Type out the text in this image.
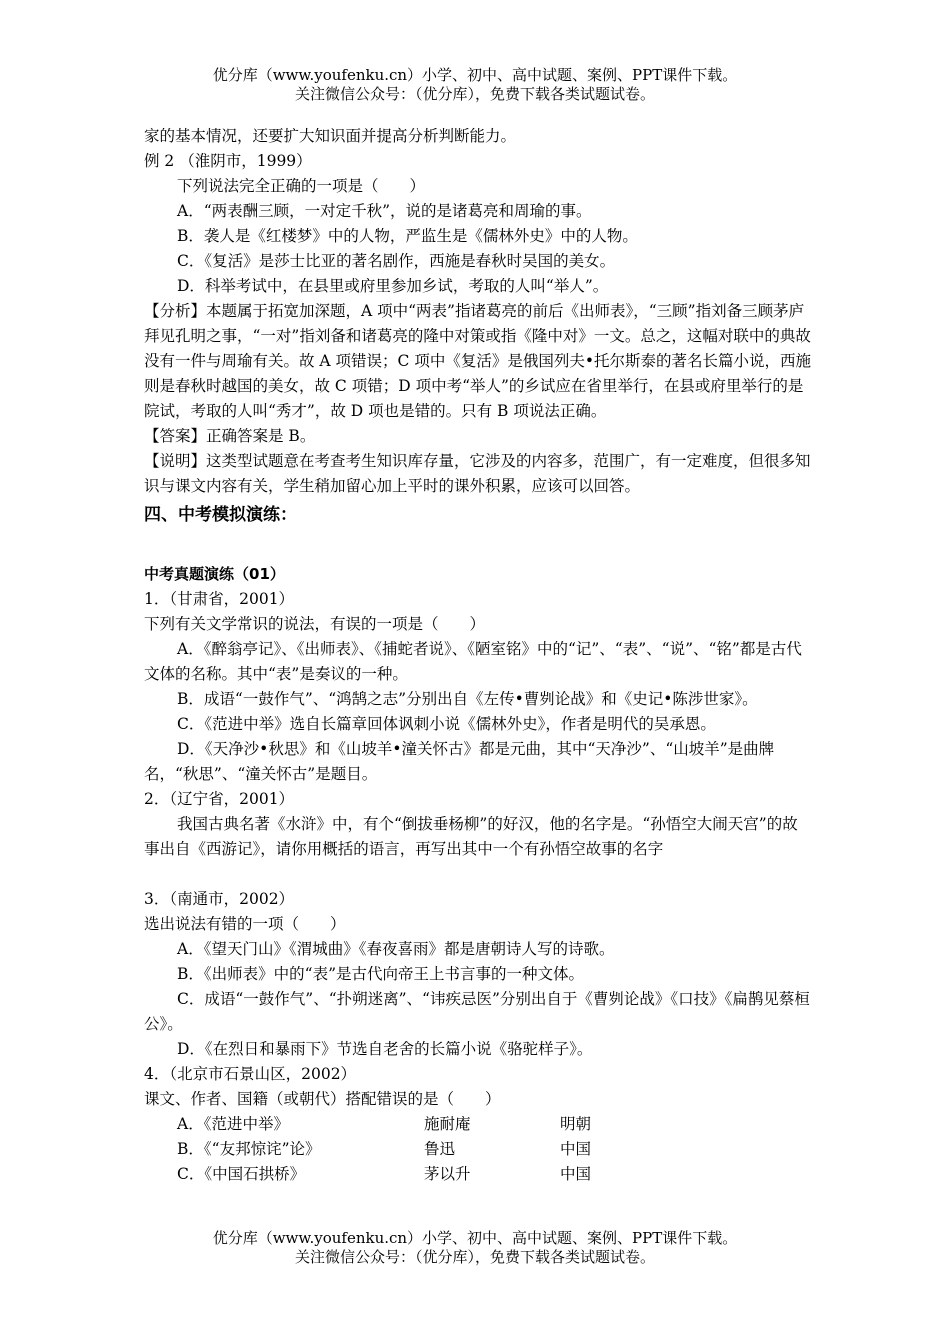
优分库（www.youfenku.cn）小学、初中、高中试题、案例、PPT课件下载。
关注微信公众号：（优分库），免费下载各类试题试卷。

家的基本情况，还要扩大知识面并提高分析判断能力。

例 2 （淮阴市，1999）

下列说法完全正确的一项是（　　）

A．“两表酬三顾，一对定千秋”，说的是诸葛亮和周瑜的事。

B．袭人是《红楼梦》中的人物，严监生是《儒林外史》中的人物。

C．《复活》是莎士比亚的著名剧作，西施是春秋时吴国的美女。

D．科举考试中，在县里或府里参加乡试，考取的人叫“举人”。

【分析】本题属于拓宽加深题，A 项中“两表”指诸葛亮的前后《出师表》，“三顾”指刘备三顾茅庐拜见孔明之事，“一对”指刘备和诸葛亮的隆中对策或指《隆中对》一文。总之，这幅对联中的典故没有一件与周瑜有关。故 A 项错误；C 项中《复活》是俄国列夫•托尔斯泰的著名长篇小说，西施则是春秋时越国的美女，故 C 项错；D 项中考“举人”的乡试应在省里举行，在县或府里举行的是院试，考取的人叫“秀才”，故 D 项也是错的。只有 B 项说法正确。

【答案】正确答案是 B。

【说明】这类型试题意在考查考生知识库存量，它涉及的内容多，范围广，有一定难度，但很多知识与课文内容有关，学生稍加留心加上平时的课外积累，应该可以回答。

四、中考模拟演练：

中考真题演练（01）

1．（甘肃省，2001）

下列有关文学常识的说法，有误的一项是（　　）

A．《醉翁亭记》、《出师表》、《捕蛇者说》、《陋室铭》中的“记”、“表”、“说”、“铭”都是古代文体的名称。其中“表”是奏议的一种。

B．成语“一鼓作气”、“鸿鹄之志”分别出自《左传•曹刿论战》和《史记•陈涉世家》。

C．《范进中举》选自长篇章回体讽刺小说《儒林外史》，作者是明代的吴承恩。

D．《天净沙•秋思》和《山坡羊•潼关怀古》都是元曲，其中“天净沙”、“山坡羊”是曲牌名，“秋思”、“潼关怀古”是题目。

2．（辽宁省，2001）

我国古典名著《水浒》中，有个“倒拔垂杨柳”的好汉，他的名字是。“孙悟空大闹天宫”的故事出自《西游记》，请你用概括的语言，再写出其中一个有孙悟空故事的名字

3．（南通市，2002）

选出说法有错的一项（　　）

A．《望天门山》《渭城曲》《春夜喜雨》都是唐朝诗人写的诗歌。

B．《出师表》中的“表”是古代向帝王上书言事的一种文体。

C．成语“一鼓作气”、“扑朔迷离”、“讳疾忌医”分别出自于《曹刿论战》《口技》《扁鹊见蔡桓公》。

D．《在烈日和暴雨下》节选自老舍的长篇小说《骆驼样子》。

4．（北京市石景山区，2002）

课文、作者、国籍（或朝代）搭配错误的是（　　）

A．《范进中举》	施耐庵	明朝
B．《“友邦惊诧”论》	鲁迅	中国
C．《中国石拱桥》	茅以升	中国
优分库（www.youfenku.cn）小学、初中、高中试题、案例、PPT课件下载。
关注微信公众号：（优分库），免费下载各类试题试卷。
